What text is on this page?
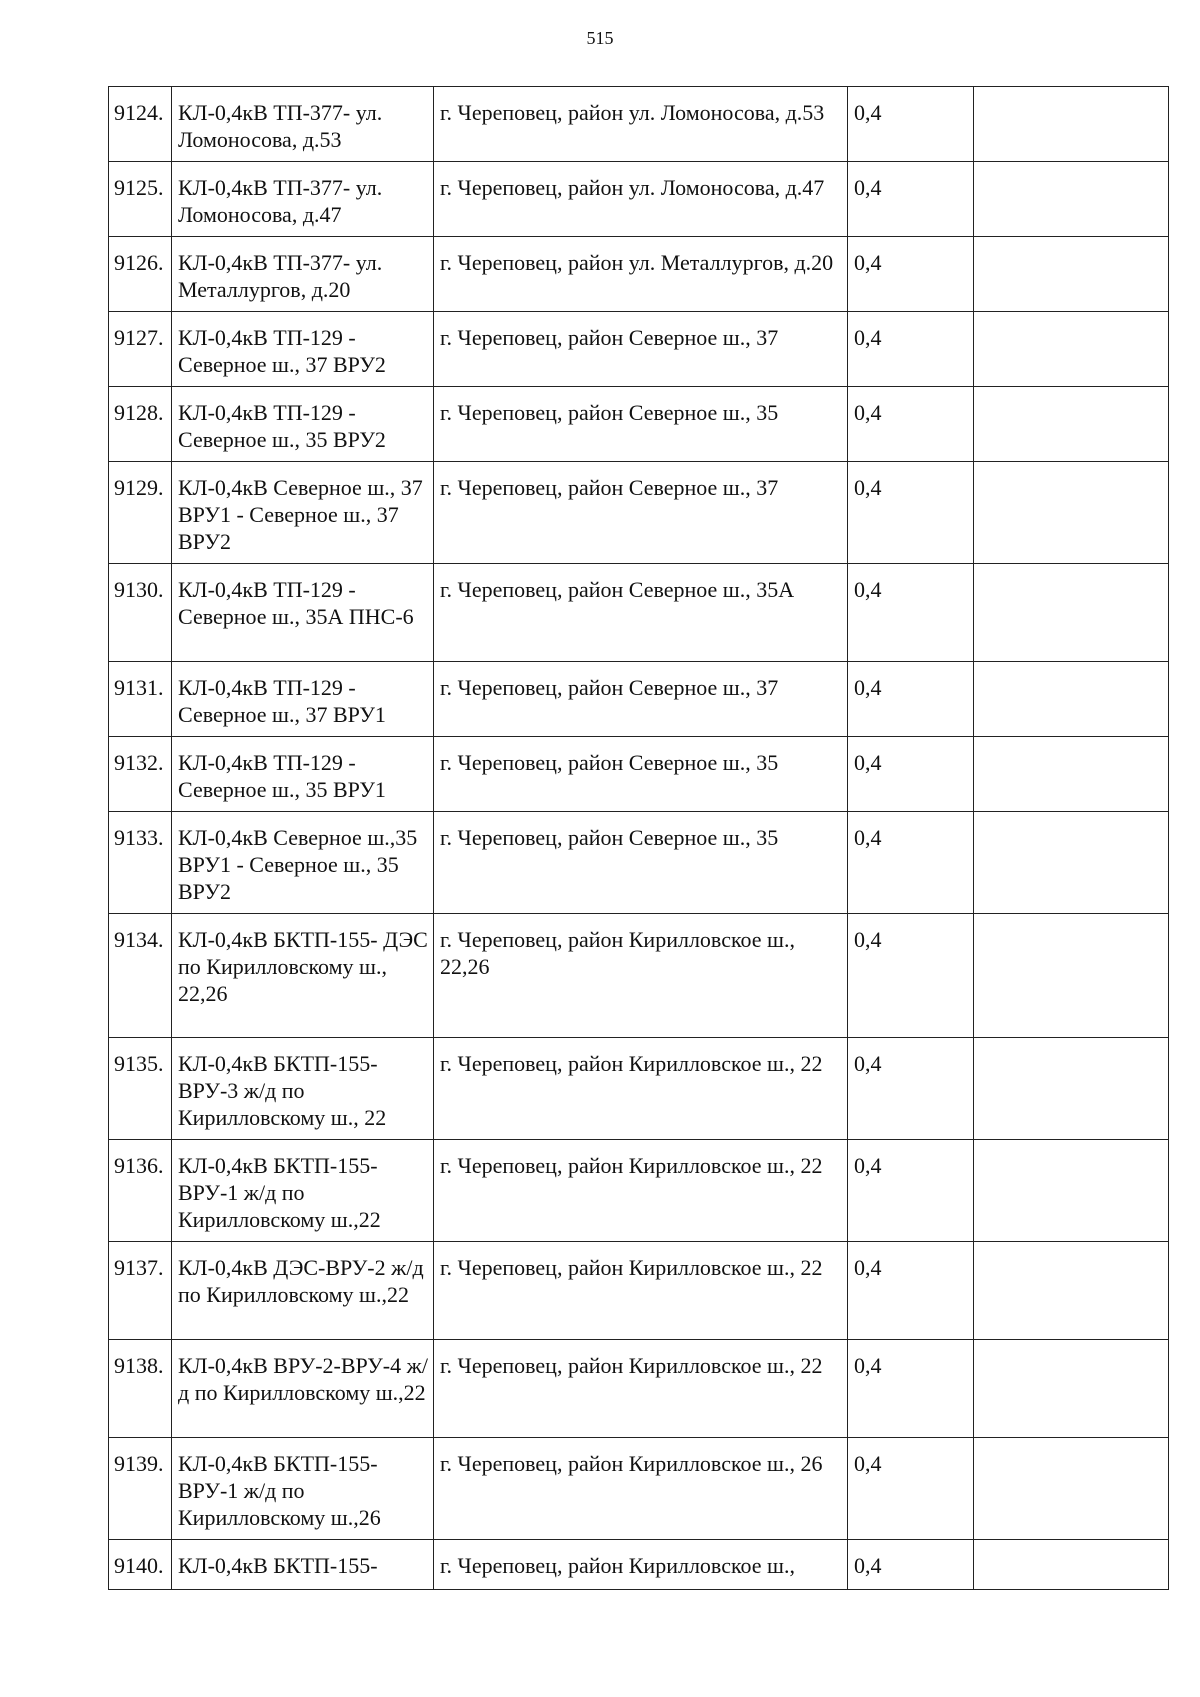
515
9124.	КЛ-0,4кВ ТП-377- ул. Ломоносова, д.53	г. Череповец, район ул. Ломоносова, д.53	0,4	
9125.	КЛ-0,4кВ ТП-377- ул. Ломоносова, д.47	г. Череповец, район ул. Ломоносова, д.47	0,4	
9126.	КЛ-0,4кВ ТП-377- ул. Металлургов, д.20	г. Череповец, район ул. Металлургов, д.20	0,4	
9127.	КЛ-0,4кВ ТП-129 - Северное ш., 37 ВРУ2	г. Череповец, район Северное ш., 37	0,4	
9128.	КЛ-0,4кВ ТП-129 - Северное ш., 35 ВРУ2	г. Череповец, район Северное ш., 35	0,4	
9129.	КЛ-0,4кВ Северное ш., 37 ВРУ1 - Северное ш., 37 ВРУ2	г. Череповец, район Северное ш., 37	0,4	
9130.	КЛ-0,4кВ ТП-129 - Северное ш., 35А ПНС-6	г. Череповец, район Северное ш., 35А	0,4	
9131.	КЛ-0,4кВ ТП-129 - Северное ш., 37 ВРУ1	г. Череповец, район Северное ш., 37	0,4	
9132.	КЛ-0,4кВ ТП-129 - Северное ш., 35 ВРУ1	г. Череповец, район Северное ш., 35	0,4	
9133.	КЛ-0,4кВ Северное ш.,35 ВРУ1 - Северное ш., 35 ВРУ2	г. Череповец, район Северное ш., 35	0,4	
9134.	КЛ-0,4кВ БКТП-155- ДЭС по Кирилловскому ш., 22,26	г. Череповец, район Кирилловское ш., 22,26	0,4	
9135.	КЛ-0,4кВ БКТП-155- ВРУ-3 ж/д по Кирилловскому ш., 22	г. Череповец, район Кирилловское ш., 22	0,4	
9136.	КЛ-0,4кВ БКТП-155- ВРУ-1 ж/д по Кирилловскому ш.,22	г. Череповец, район Кирилловское ш., 22	0,4	
9137.	КЛ-0,4кВ ДЭС-ВРУ-2 ж/д по Кирилловскому ш.,22	г. Череповец, район Кирилловское ш., 22	0,4	
9138.	КЛ-0,4кВ ВРУ-2-ВРУ-4 ж/д по Кирилловскому ш.,22	г. Череповец, район Кирилловское ш., 22	0,4	
9139.	КЛ-0,4кВ БКТП-155- ВРУ-1 ж/д по Кирилловскому ш.,26	г. Череповец, район Кирилловское ш., 26	0,4	
9140.	КЛ-0,4кВ БКТП-155-	г. Череповец, район Кирилловское ш.,	0,4	
